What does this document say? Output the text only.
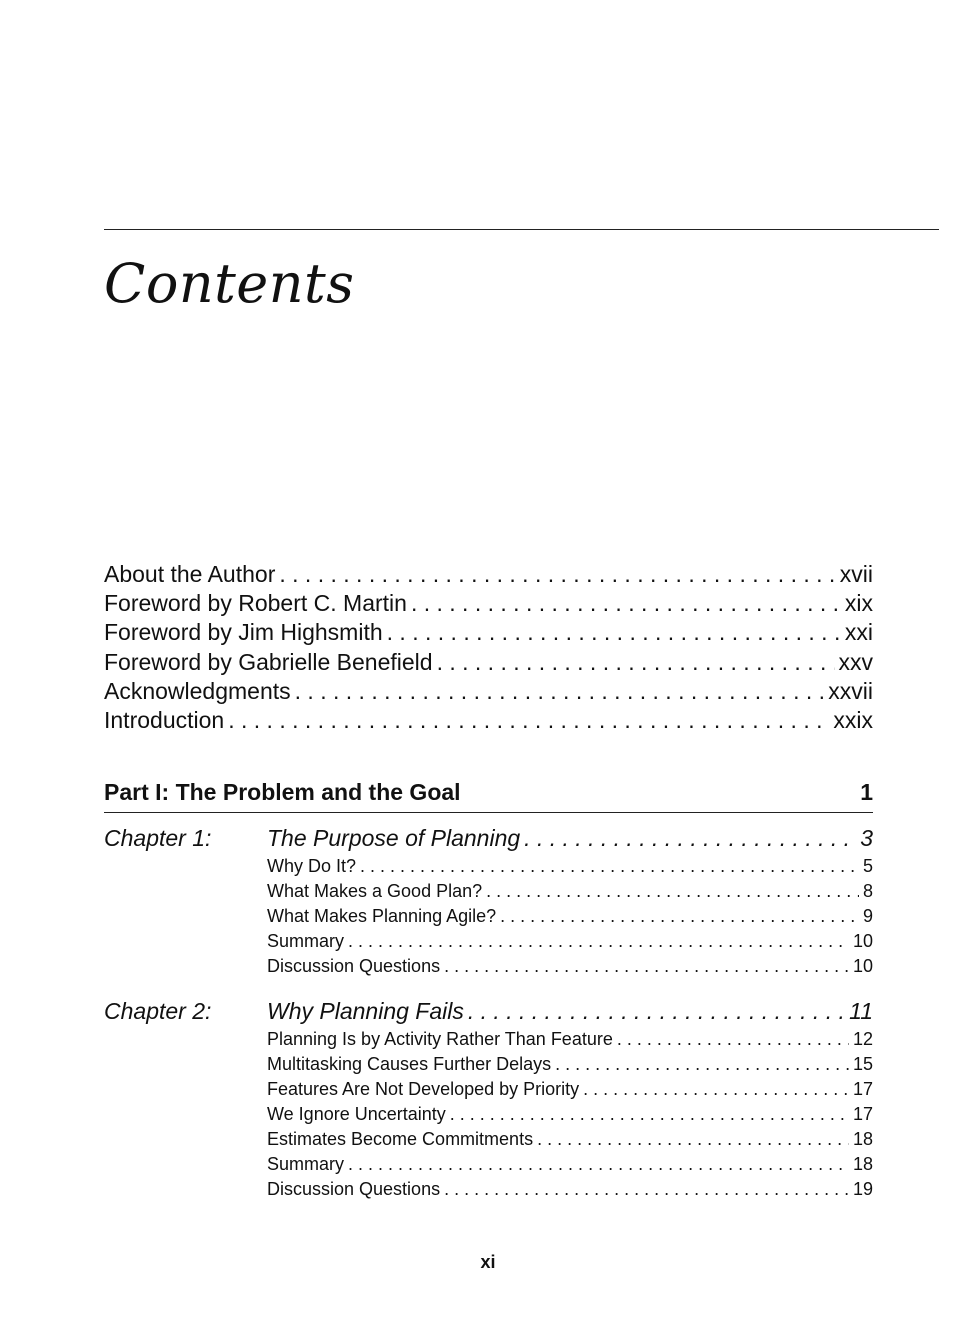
Contents
About the Author . . .	xvii
Foreword by Robert C. Martin . . .	xix
Foreword by Jim Highsmith . . .	xxi
Foreword by Gabrielle Benefield . . .	xxv
Acknowledgments . . .	xxvii
Introduction . . .	xxix
Part I: The Problem and the Goal	1
Chapter 1: The Purpose of Planning . . .	3
Why Do It? . . .	5
What Makes a Good Plan? . . .	8
What Makes Planning Agile? . . .	9
Summary . . .	10
Discussion Questions . . .	10
Chapter 2: Why Planning Fails . . .	11
Planning Is by Activity Rather Than Feature . . .	12
Multitasking Causes Further Delays . . .	15
Features Are Not Developed by Priority . . .	17
We Ignore Uncertainty . . .	17
Estimates Become Commitments . . .	18
Summary . . .	18
Discussion Questions . . .	19
xi
